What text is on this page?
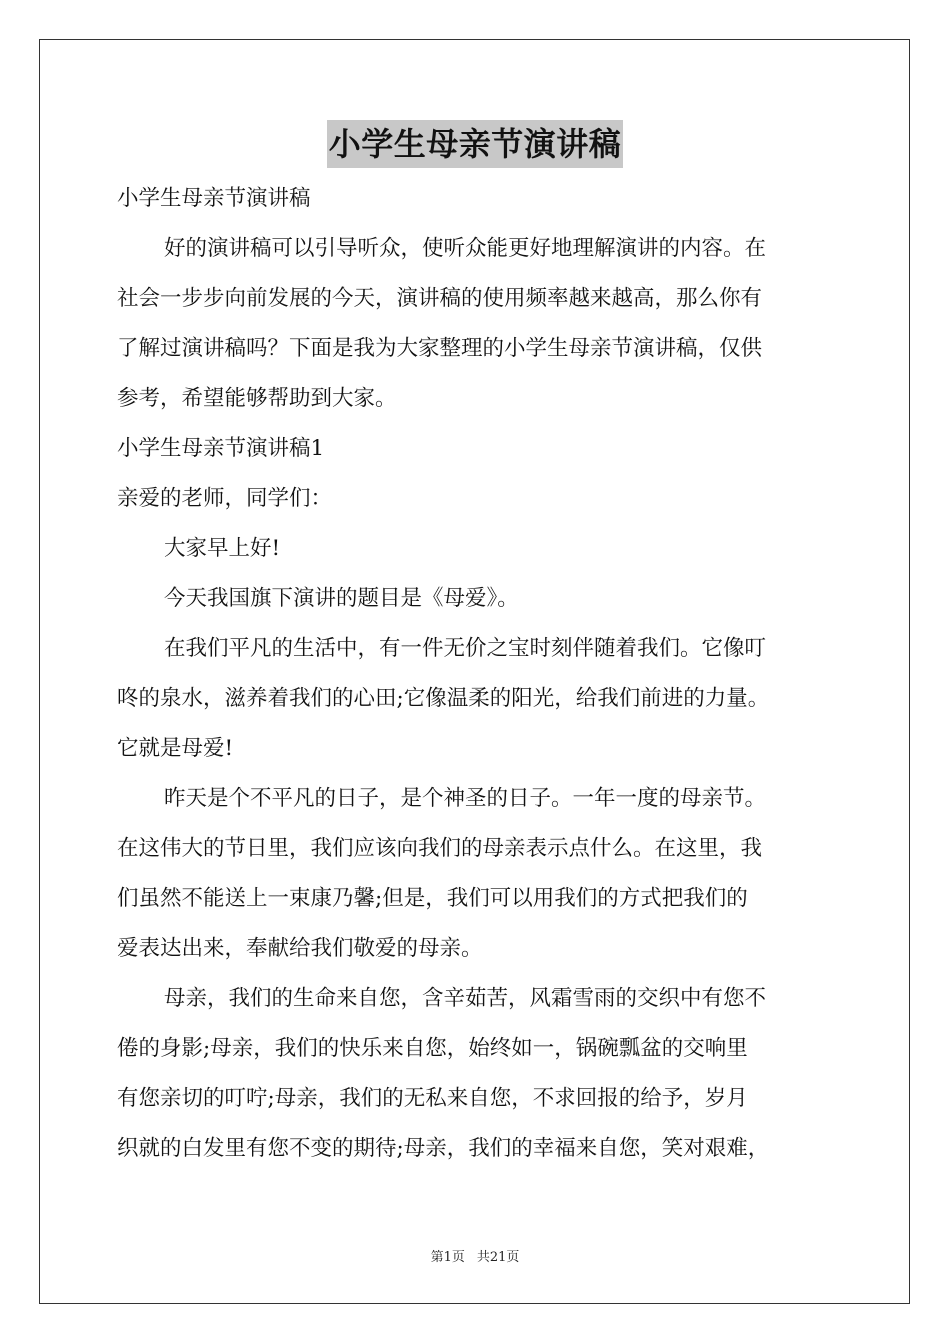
小学生母亲节演讲稿
小学生母亲节演讲稿
好的演讲稿可以引导听众，使听众能更好地理解演讲的内容。在
社会一步步向前发展的今天，演讲稿的使用频率越来越高，那么你有
了解过演讲稿吗？下面是我为大家整理的小学生母亲节演讲稿，仅供
参考，希望能够帮助到大家。
小学生母亲节演讲稿1
亲爱的老师，同学们：
大家早上好!
今天我国旗下演讲的题目是《母爱》。
在我们平凡的生活中，有一件无价之宝时刻伴随着我们。它像叮
咚的泉水，滋养着我们的心田;它像温柔的阳光，给我们前进的力量。
它就是母爱!
昨天是个不平凡的日子，是个神圣的日子。一年一度的母亲节。
在这伟大的节日里，我们应该向我们的母亲表示点什么。在这里，我
们虽然不能送上一束康乃馨;但是，我们可以用我们的方式把我们的
爱表达出来，奉献给我们敬爱的母亲。
母亲，我们的生命来自您，含辛茹苦，风霜雪雨的交织中有您不
倦的身影;母亲，我们的快乐来自您，始终如一，锅碗瓢盆的交响里
有您亲切的叮咛;母亲，我们的无私来自您，不求回报的给予，岁月
织就的白发里有您不变的期待;母亲，我们的幸福来自您，笑对艰难，
第1页 共21页
